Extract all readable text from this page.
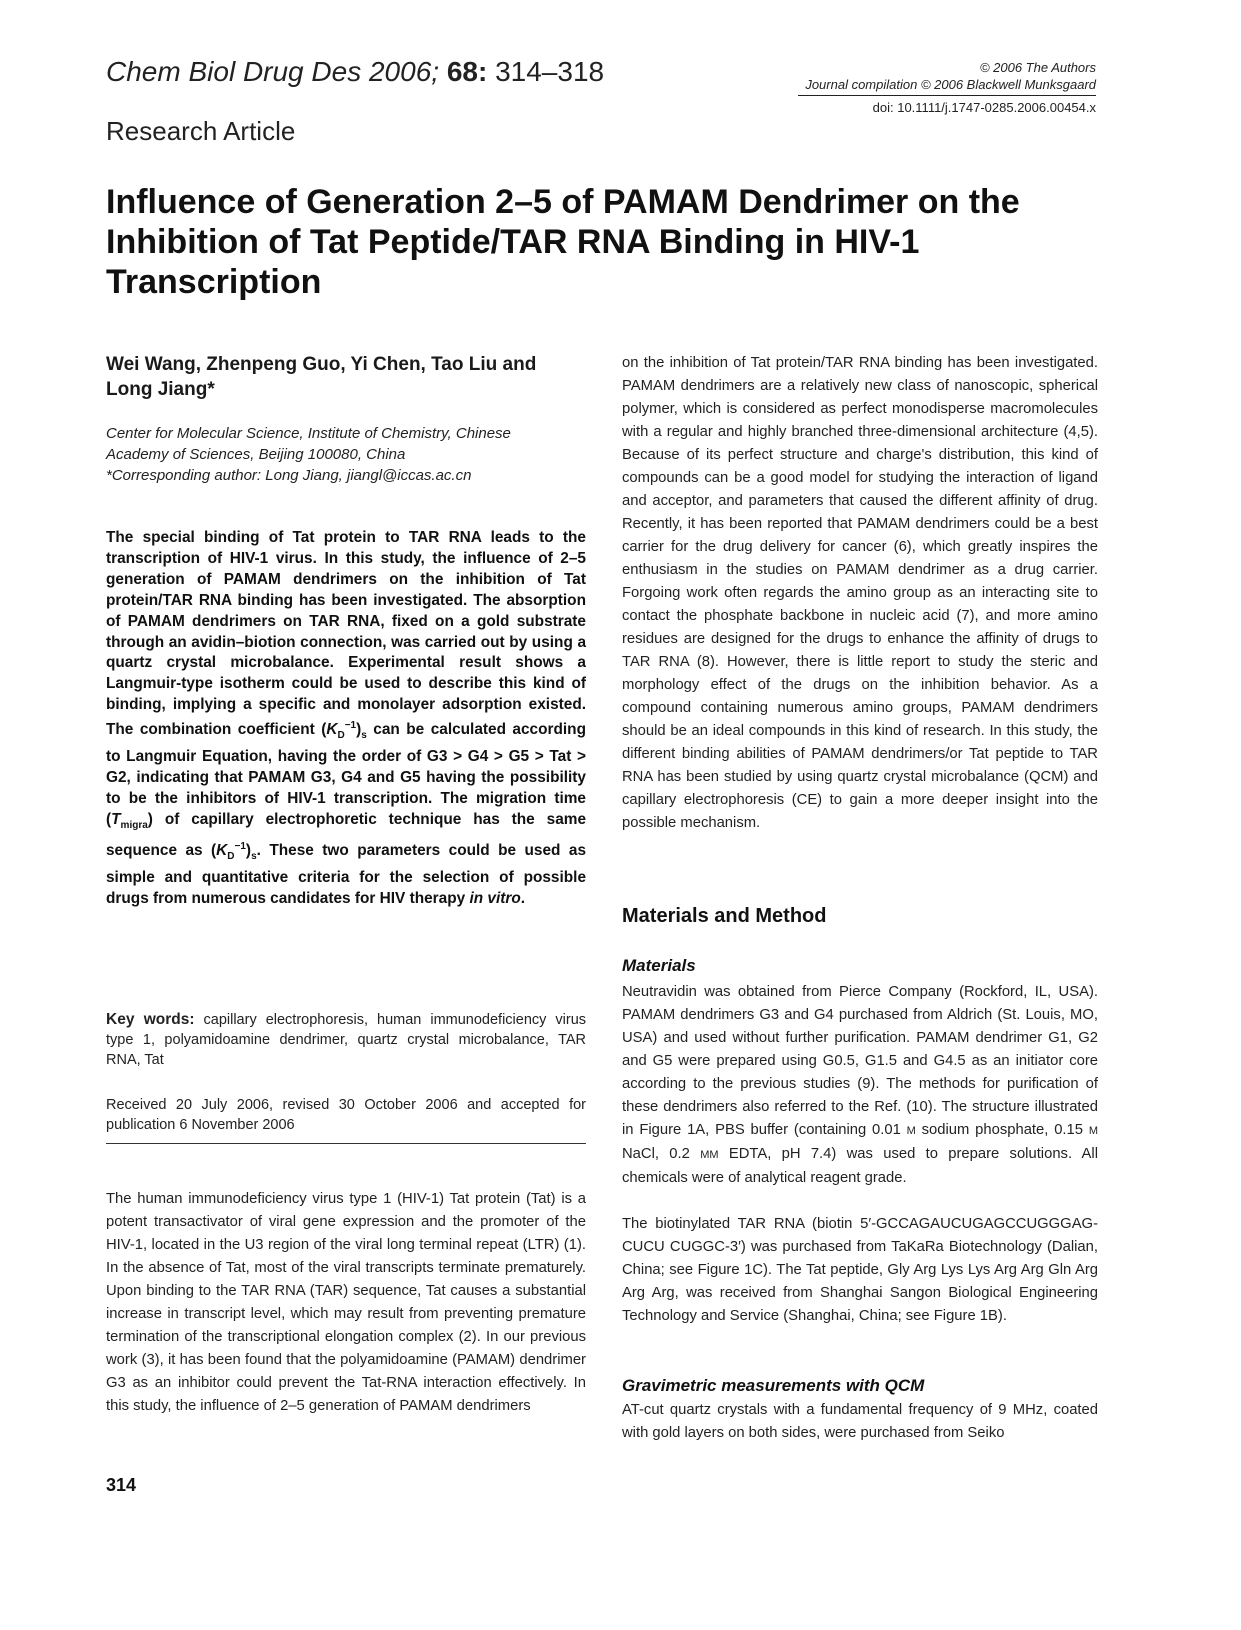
Chem Biol Drug Des 2006; 68: 314–318	© 2006 The Authors
Journal compilation © 2006 Blackwell Munksgaard
doi: 10.1111/j.1747-0285.2006.00454.x
Research Article
Influence of Generation 2–5 of PAMAM Dendrimer on the Inhibition of Tat Peptide/TAR RNA Binding in HIV-1 Transcription
Wei Wang, Zhenpeng Guo, Yi Chen, Tao Liu and Long Jiang*
Center for Molecular Science, Institute of Chemistry, Chinese
Academy of Sciences, Beijing 100080, China
*Corresponding author: Long Jiang, jiangl@iccas.ac.cn
The special binding of Tat protein to TAR RNA leads to the transcription of HIV-1 virus. In this study, the influence of 2–5 generation of PAMAM dendrimers on the inhibition of Tat protein/TAR RNA binding has been investigated. The absorption of PAMAM dendrimers on TAR RNA, fixed on a gold substrate through an avidin–biotion connection, was carried out by using a quartz crystal microbalance. Experimental result shows a Langmuir-type isotherm could be used to describe this kind of binding, implying a specific and monolayer adsorption existed. The combination coefficient $(K_D^{-1})_s$ can be calculated according to Langmuir Equation, having the order of G3 > G4 > G5 > Tat > G2, indicating that PAMAM G3, G4 and G5 having the possibility to be the inhibitors of HIV-1 transcription. The migration time $(T_{migra})$ of capillary electrophoretic technique has the same sequence as $(K_D^{-1})_s$. These two parameters could be used as simple and quantitative criteria for the selection of possible drugs from numerous candidates for HIV therapy in vitro.
Key words: capillary electrophoresis, human immunodeficiency virus type 1, polyamidoamine dendrimer, quartz crystal microbalance, TAR RNA, Tat
Received 20 July 2006, revised 30 October 2006 and accepted for publication 6 November 2006

The human immunodeficiency virus type 1 (HIV-1) Tat protein (Tat) is a potent transactivator of viral gene expression and the promoter of the HIV-1, located in the U3 region of the viral long terminal repeat (LTR) (1). In the absence of Tat, most of the viral transcripts terminate prematurely. Upon binding to the TAR RNA (TAR) sequence, Tat causes a substantial increase in transcript level, which may result from preventing premature termination of the transcriptional elongation complex (2). In our previous work (3), it has been found that the polyamidoamine (PAMAM) dendrimer G3 as an inhibitor could prevent the Tat-RNA interaction effectively. In this study, the influence of 2–5 generation of PAMAM dendrimers

on the inhibition of Tat protein/TAR RNA binding has been investigated. PAMAM dendrimers are a relatively new class of nanoscopic, spherical polymer, which is considered as perfect monodisperse macromolecules with a regular and highly branched three-dimensional architecture (4,5). Because of its perfect structure and charge's distribution, this kind of compounds can be a good model for studying the interaction of ligand and acceptor, and parameters that caused the different affinity of drug. Recently, it has been reported that PAMAM dendrimers could be a best carrier for the drug delivery for cancer (6), which greatly inspires the enthusiasm in the studies on PAMAM dendrimer as a drug carrier. Forgoing work often regards the amino group as an interacting site to contact the phosphate backbone in nucleic acid (7), and more amino residues are designed for the drugs to enhance the affinity of drugs to TAR RNA (8). However, there is little report to study the steric and morphology effect of the drugs on the inhibition behavior. As a compound containing numerous amino groups, PAMAM dendrimers should be an ideal compounds in this kind of research. In this study, the different binding abilities of PAMAM dendrimers/or Tat peptide to TAR RNA has been studied by using quartz crystal microbalance (QCM) and capillary electrophoresis (CE) to gain a more deeper insight into the possible mechanism.

Materials and Method
Materials

Neutravidin was obtained from Pierce Company (Rockford, IL, USA). PAMAM dendrimers G3 and G4 purchased from Aldrich (St. Louis, MO, USA) and used without further purification. PAMAM dendrimer G1, G2 and G5 were prepared using G0.5, G1.5 and G4.5 as an initiator core according to the previous studies (9). The methods for purification of these dendrimers also referred to the Ref. (10). The structure illustrated in Figure 1A, PBS buffer (containing 0.01 M sodium phosphate, 0.15 M NaCl, 0.2 MM EDTA, pH 7.4) was used to prepare solutions. All chemicals were of analytical reagent grade.

The biotinylated TAR RNA (biotin 5′-GCCAGAUCUGAGCCUGGGAG-CUCU CUGGC-3′) was purchased from TaKaRa Biotechnology (Dalian, China; see Figure 1C). The Tat peptide, Gly Arg Lys Lys Arg Arg Gln Arg Arg Arg, was received from Shanghai Sangon Biological Engineering Technology and Service (Shanghai, China; see Figure 1B).

Gravimetric measurements with QCM

AT-cut quartz crystals with a fundamental frequency of 9 MHz, coated with gold layers on both sides, were purchased from Seiko

314
